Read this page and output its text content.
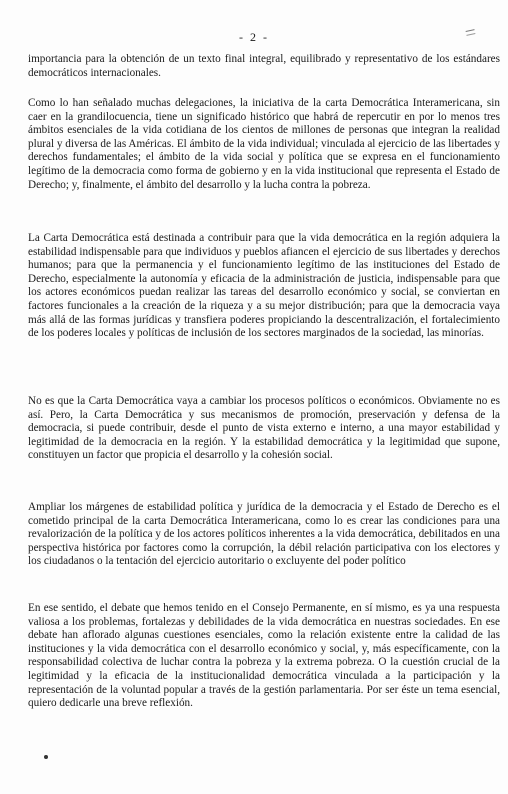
- 2 -

importancia para la obtención de un texto final integral, equilibrado y representativo de los estándares democráticos internacionales.

Como lo han señalado muchas delegaciones, la iniciativa de la carta Democrática Interamericana, sin caer en la grandilocuencia, tiene un significado histórico que habrá de repercutir en por lo menos tres ámbitos esenciales de la vida cotidiana de los cientos de millones de personas que integran la realidad plural y diversa de las Américas. El ámbito de la vida individual; vinculada al ejercicio de las libertades y derechos fundamentales; el ámbito de la vida social y política que se expresa en el funcionamiento legítimo de la democracia como forma de gobierno y en la vida institucional que representa el Estado de Derecho; y, finalmente, el ámbito del desarrollo y la lucha contra la pobreza.

La Carta Democrática está destinada a contribuir para que la vida democrática en la región adquiera la estabilidad indispensable para que individuos y pueblos afiancen el ejercicio de sus libertades y derechos humanos; para que la permanencia y el funcionamiento legítimo de las instituciones del Estado de Derecho, especialmente la autonomía y eficacia de la administración de justicia, indispensable para que los actores económicos puedan realizar las tareas del desarrollo económico y social, se conviertan en factores funcionales a la creación de la riqueza y a su mejor distribución; para que la democracia vaya más allá de las formas jurídicas y transfiera poderes propiciando la descentralización, el fortalecimiento de los poderes locales y políticas de inclusión de los sectores marginados de la sociedad, las minorías.

No es que la Carta Democrática vaya a cambiar los procesos políticos o económicos. Obviamente no es así. Pero, la Carta Democrática y sus mecanismos de promoción, preservación y defensa de la democracia, si puede contribuir, desde el punto de vista externo e interno, a una mayor estabilidad y legitimidad de la democracia en la región. Y la estabilidad democrática y la legitimidad que supone, constituyen un factor que propicia el desarrollo y la cohesión social.

Ampliar los márgenes de estabilidad política y jurídica de la democracia y el Estado de Derecho es el cometido principal de la carta Democrática Interamericana, como lo es crear las condiciones para una revalorización de la política y de los actores políticos inherentes a la vida democrática, debilitados en una perspectiva histórica por factores como la corrupción, la débil relación participativa con los electores y los ciudadanos o la tentación del ejercicio autoritario o excluyente del poder político

En ese sentido, el debate que hemos tenido en el Consejo Permanente, en sí mismo, es ya una respuesta valiosa a los problemas, fortalezas y debilidades de la vida democrática en nuestras sociedades. En ese debate han aflorado algunas cuestiones esenciales, como la relación existente entre la calidad de las instituciones y la vida democrática con el desarrollo económico y social, y, más específicamente, con la responsabilidad colectiva de luchar contra la pobreza y la extrema pobreza. O la cuestión crucial de la legitimidad y la eficacia de la institucionalidad democrática vinculada a la participación y la representación de la voluntad popular a través de la gestión parlamentaria. Por ser éste un tema esencial, quiero dedicarle una breve reflexión.
